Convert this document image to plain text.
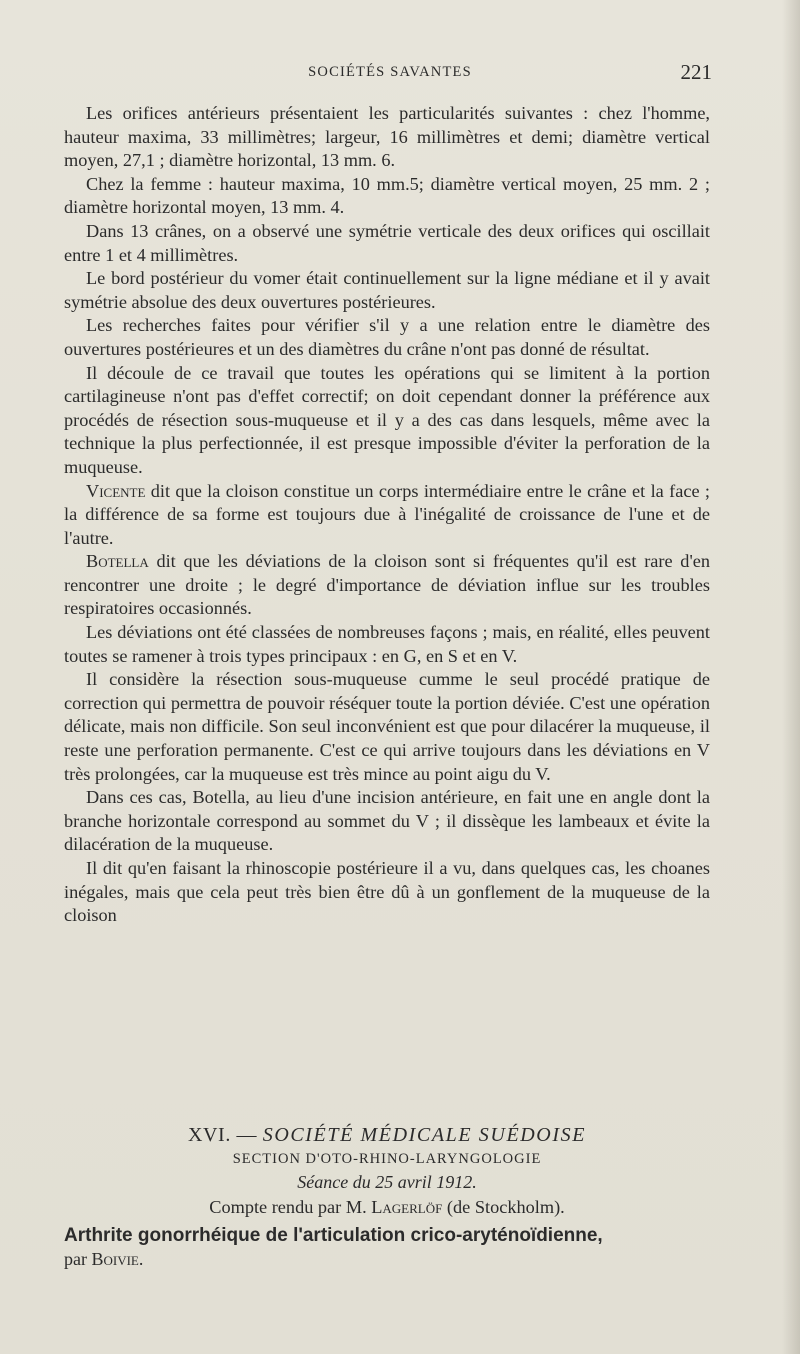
SOCIÉTÉS SAVANTES	221

Les orifices antérieurs présentaient les particularités suivantes : chez l'homme, hauteur maxima, 33 millimètres; largeur, 16 millimètres et demi; diamètre vertical moyen, 27,1 ; diamètre horizontal, 13 mm. 6.

Chez la femme : hauteur maxima, 10 mm.5; diamètre vertical moyen, 25 mm. 2 ; diamètre horizontal moyen, 13 mm. 4.

Dans 13 crânes, on a observé une symétrie verticale des deux orifices qui oscillait entre 1 et 4 millimètres.

Le bord postérieur du vomer était continuellement sur la ligne médiane et il y avait symétrie absolue des deux ouvertures postérieures.

Les recherches faites pour vérifier s'il y a une relation entre le diamètre des ouvertures postérieures et un des diamètres du crâne n'ont pas donné de résultat.

Il découle de ce travail que toutes les opérations qui se limitent à la portion cartilagineuse n'ont pas d'effet correctif; on doit cependant donner la préférence aux procédés de résection sous-muqueuse et il y a des cas dans lesquels, même avec la technique la plus perfectionnée, il est presque impossible d'éviter la perforation de la muqueuse.

Vicente dit que la cloison constitue un corps intermédiaire entre le crâne et la face ; la différence de sa forme est toujours due à l'inégalité de croissance de l'une et de l'autre.

Botella dit que les déviations de la cloison sont si fréquentes qu'il est rare d'en rencontrer une droite ; le degré d'importance de déviation influe sur les troubles respiratoires occasionnés.

Les déviations ont été classées de nombreuses façons ; mais, en réalité, elles peuvent toutes se ramener à trois types principaux : en G, en S et en V.

Il considère la résection sous-muqueuse cumme le seul procédé pratique de correction qui permettra de pouvoir réséquer toute la portion déviée. C'est une opération délicate, mais non difficile. Son seul inconvénient est que pour dilacérer la muqueuse, il reste une perforation permanente. C'est ce qui arrive toujours dans les déviations en V très prolongées, car la muqueuse est très mince au point aigu du V.

Dans ces cas, Botella, au lieu d'une incision antérieure, en fait une en angle dont la branche horizontale correspond au sommet du V ; il dissèque les lambeaux et évite la dilacération de la muqueuse.

Il dit qu'en faisant la rhinoscopie postérieure il a vu, dans quelques cas, les choanes inégales, mais que cela peut très bien être dû à un gonflement de la muqueuse de la cloison

XVI. — SOCIÉTÉ MÉDICALE SUÉDOISE
SECTION D'OTO-RHINO-LARYNGOLOGIE
Séance du 25 avril 1912.
Compte rendu par M. Lagerlöf (de Stockholm).
Arthrite gonorrhéique de l'articulation crico-aryténoïdienne,
par Boivie.
